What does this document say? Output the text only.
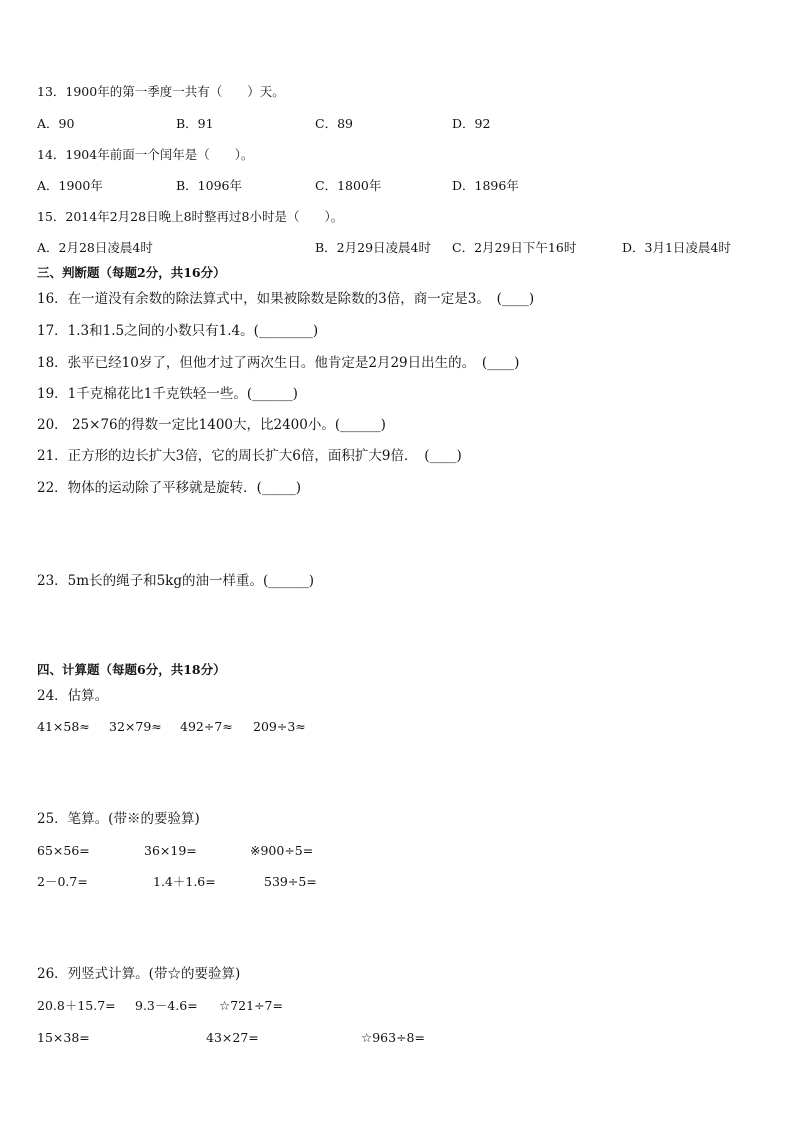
13．1900年的第一季度一共有（　　）天。
A．90	B．91	C．89	D．92
14．1904年前面一个闰年是（　　）。
A．1900年	B．1096年	C．1800年	D．1896年
15．2014年2月28日晚上8时整再过8小时是（　　）。
A．2月28日凌晨4时	B．2月29日凌晨4时 C．2月29日下午16时	D．3月1日凌晨4时
三、判断题（每题2分，共16分）
16．在一道没有余数的除法算式中，如果被除数是除数的3倍，商一定是3。　(____)
17．1.3和1.5之间的小数只有1.4。(________)
18．张平已经10岁了，但他才过了两次生日。他肯定是2月29日出生的。　(____)
19．1千克棉花比1千克铁轻一些。(______)
20． 25×76的得数一定比1400大，比2400小。(______)
21．正方形的边长扩大3倍，它的周长扩大6倍，面积扩大9倍．　(____)
22．物体的运动除了平移就是旋转．(_____)
23．5m长的绳子和5kg的油一样重。(______)
四、计算题（每题6分，共18分）
24．估算。
41×58≈ 32×79≈ 492÷7≈ 209÷3≈
25．笔算。(带※的要验算)
65×56=	36×19=	※900÷5=
2－0.7=	1.4＋1.6=	539÷5=
26．列竖式计算。(带☆的要验算)
20.8＋15.7= 9.3－4.6= ☆721÷7=
15×38=	43×27=	☆963÷8=
